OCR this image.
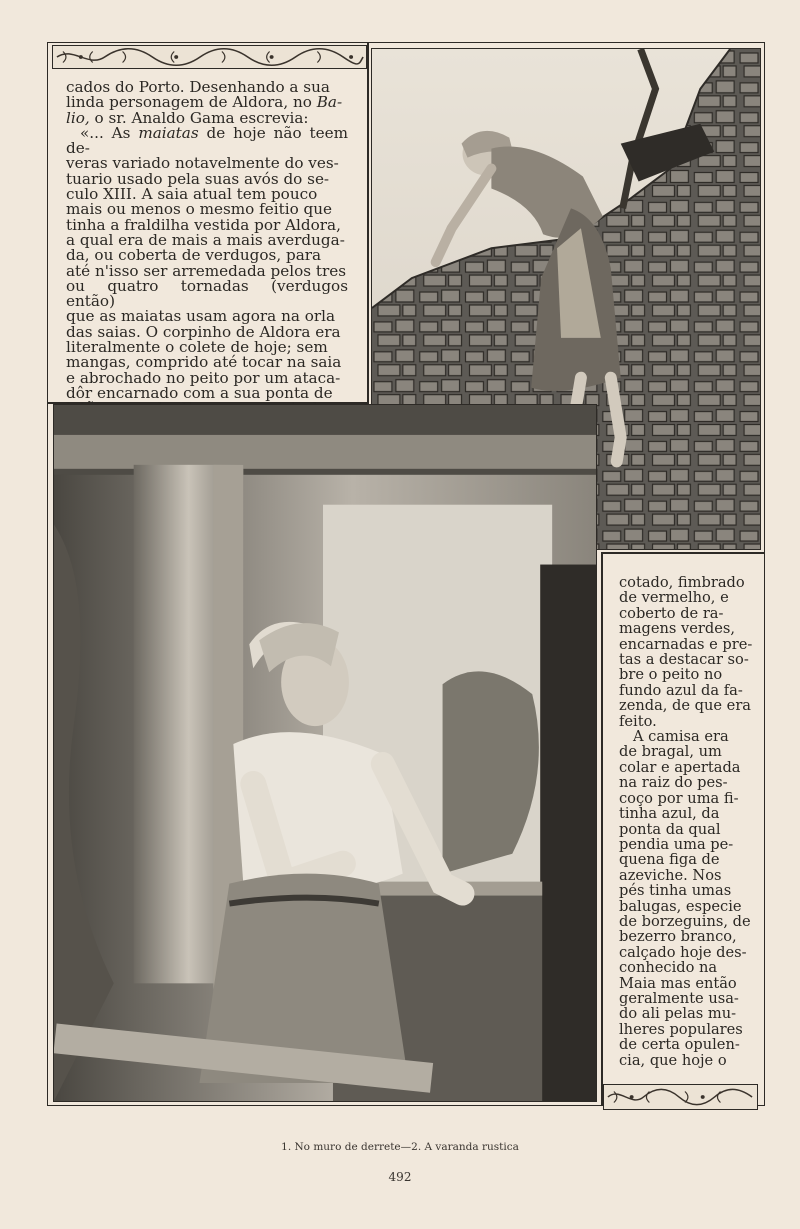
cados do Porto. Desenhando a sua

linda personagem de Aldora, no Ba-

lio, o sr. Analdo Gama escrevia:

«... As maiatas de hoje não teem de-

veras variado notavelmente do ves-

tuario usado pela suas avós do se-

culo XIII. A saia atual tem pouco

mais ou menos o mesmo feitio que

tinha a fraldilha vestida por Aldora,

a qual era de mais a mais averduga-

da, ou coberta de verdugos, para

até n'isso ser arremedada pelos tres

ou quatro tornadas (verdugos então)

que as maiatas usam agora na orla

das saias. O corpinho de Aldora era

literalmente o colete de hoje; sem

mangas, comprido até tocar na saia

e abrochado no peito por um ataca-

dôr encarnado com a sua ponta de

cotado, fimbrado

de vermelho, e

coberto de ra-

magens verdes,

encarnadas e pre-

tas a destacar so-

bre o peito no

fundo azul da fa-

zenda, de que era

feito.

A camisa era

de bragal, um

colar e apertada

na raiz do pes-

coço por uma fi-

tinha azul, da

ponta da qual

pendia uma pe-

quena figa de

azeviche. Nos

pés tinha umas

balugas, especie

de borzeguins, de

bezerro branco,

calçado hoje des-

conhecido na

Maia mas então

geralmente usa-

do ali pelas mu-

lheres populares

de certa opulen-

cia, que hoje o

1. No muro de derrete—2. A varanda rustica
492
